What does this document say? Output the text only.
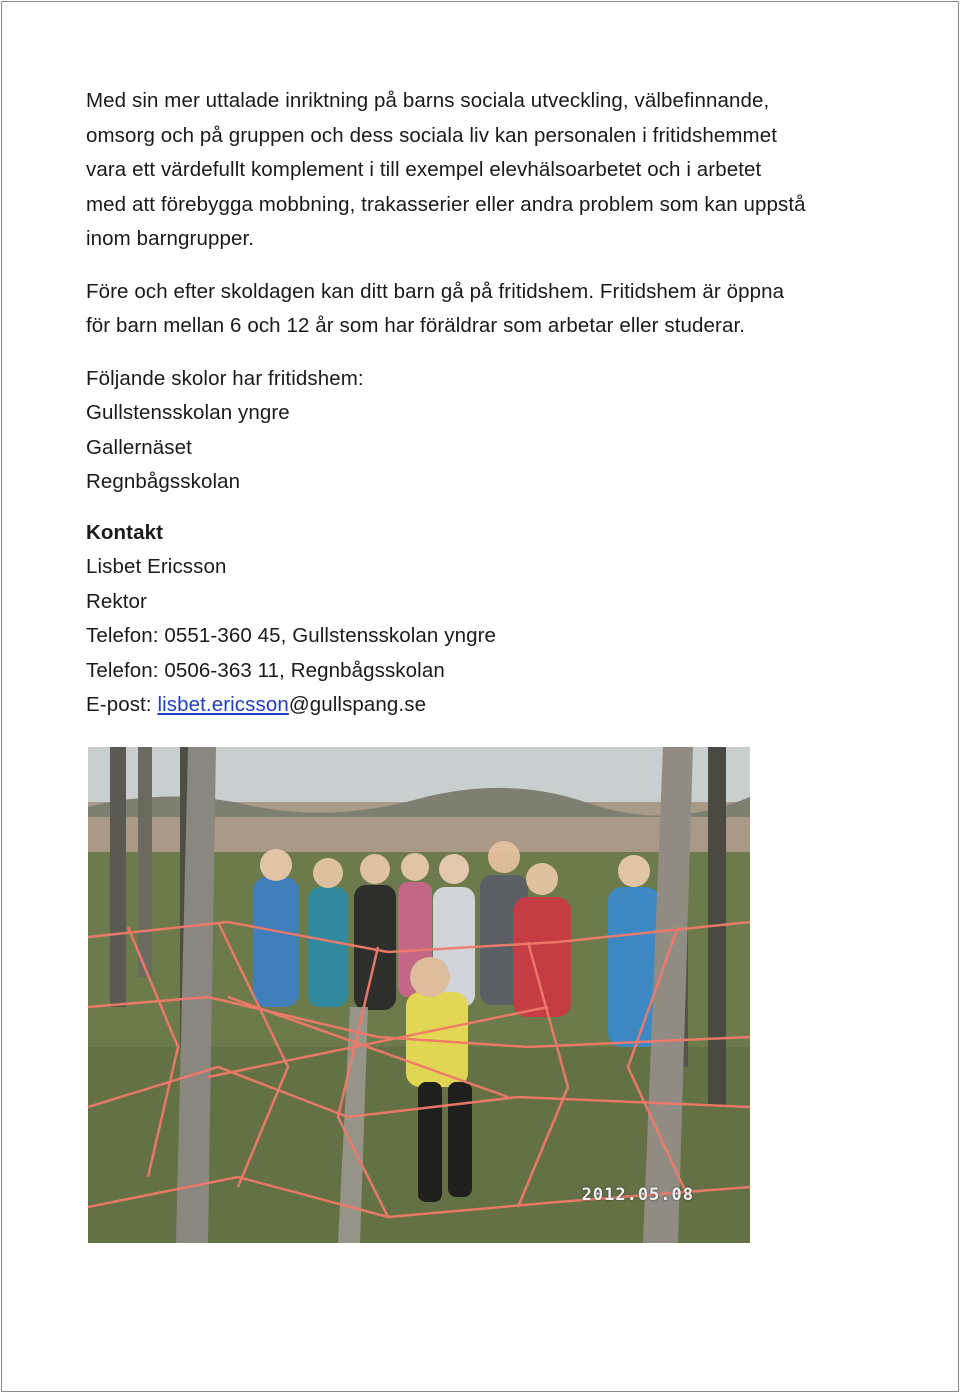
Med sin mer uttalade inriktning på barns sociala utveckling, välbefinnande,

omsorg och på gruppen och dess sociala liv kan personalen i fritidshemmet

vara ett värdefullt komplement i till exempel elevhälsoarbetet och i arbetet

med att förebygga mobbning, trakasserier eller andra problem som kan uppstå

inom barngrupper.

Före och efter skoldagen kan ditt barn gå på fritidshem. Fritidshem är öppna

för barn mellan 6 och 12 år som har föräldrar som arbetar eller studerar.

Följande skolor har fritidshem:

Gullstensskolan yngre

Gallernäset

Regnbågsskolan

Kontakt

Lisbet Ericsson

Rektor

Telefon: 0551-360 45, Gullstensskolan yngre

Telefon: 0506-363 11, Regnbågsskolan

E-post: lisbet.ericsson@gullspang.se

2012.05.08
